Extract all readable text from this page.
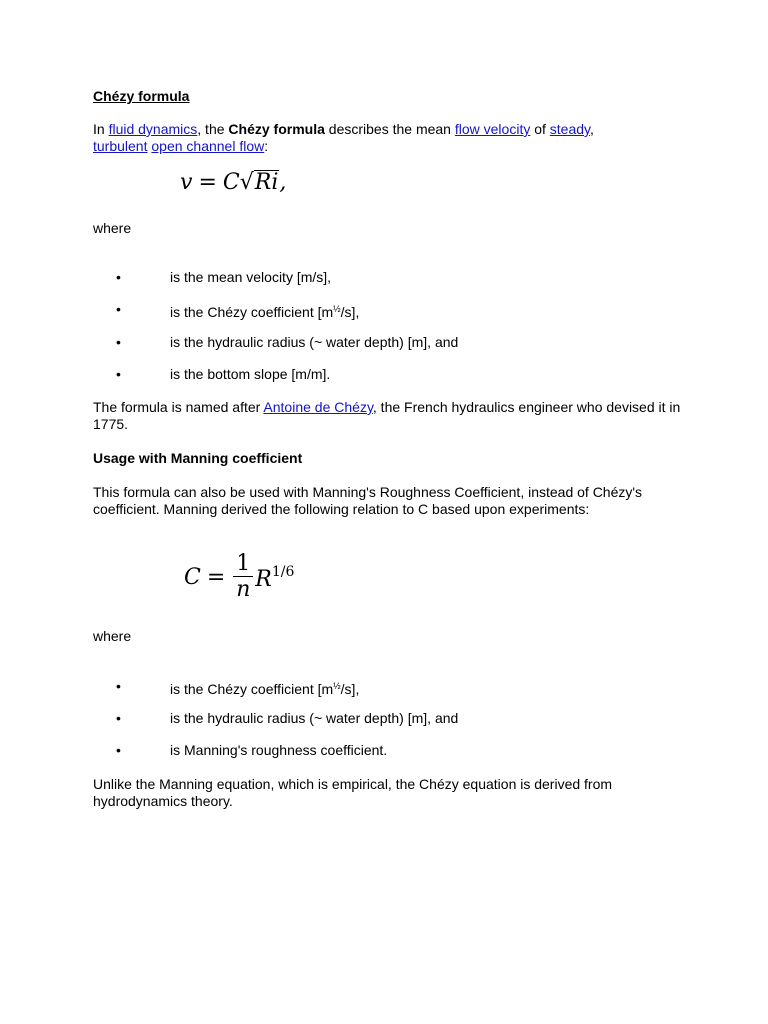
Chézy formula
In fluid dynamics, the Chézy formula describes the mean flow velocity of steady,
turbulent open channel flow:
v = C√Ri,
where
•	is the mean velocity [m/s],
•	is the Chézy coefficient $[m^{\frac{1}{2}}/s]$,
•	is the hydraulic radius (~ water depth) [m], and
•	is the bottom slope [m/m].
The formula is named after Antoine de Chézy, the French hydraulics engineer who devised it in 1775.
Usage with Manning coefficient
This formula can also be used with Manning's Roughness Coefficient, instead of Chézy's coefficient. Manning derived the following relation to C based upon experiments:
$C = \frac{1}{n} R^{1/6}$
where
•	is the Chézy coefficient $[m^{\frac{1}{2}}/s]$,
•	is the hydraulic radius (~ water depth) [m], and
•	is Manning's roughness coefficient.
Unlike the Manning equation, which is empirical, the Chézy equation is derived from hydrodynamics theory.
